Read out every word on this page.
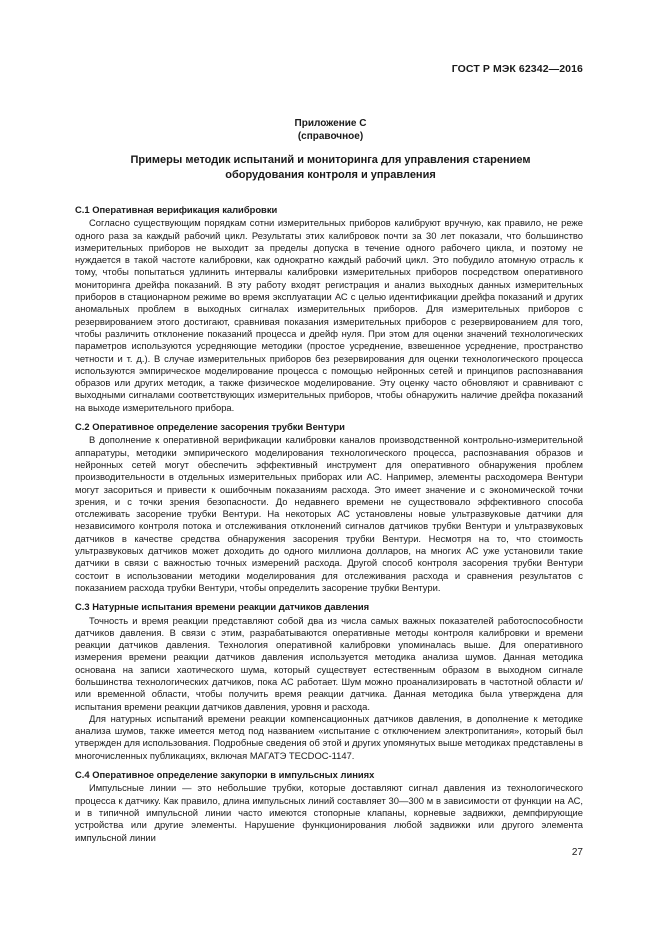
ГОСТ Р МЭК 62342—2016
Приложение С
(справочное)
Примеры методик испытаний и мониторинга для управления старением
оборудования контроля и управления
С.1 Оперативная верификация калибровки

Согласно существующим порядкам сотни измерительных приборов калибруют вручную, как правило, не реже одного раза за каждый рабочий цикл. Результаты этих калибровок почти за 30 лет показали, что большинство измерительных приборов не выходит за пределы допуска в течение одного рабочего цикла, и поэтому не нуждается в такой частоте калибровки, как однократно каждый рабочий цикл. Это побудило атомную отрасль к тому, чтобы попытаться удлинить интервалы калибровки измерительных приборов посредством оперативного мониторинга дрейфа показаний. В эту работу входят регистрация и анализ выходных данных измерительных приборов в стационарном режиме во время эксплуатации АС с целью идентификации дрейфа показаний и других аномальных проблем в выходных сигналах измерительных приборов. Для измерительных приборов с резервированием этого достигают, сравнивая показания измерительных приборов с резервированием для того, чтобы различить отклонение показаний процесса и дрейф нуля. При этом для оценки значений технологических параметров используются усредняющие методики (простое усреднение, взвешенное усреднение, пространство четности и т. д.). В случае измерительных приборов без резервирования для оценки технологического процесса используются эмпирическое моделирование процесса с помощью нейронных сетей и принципов распознавания образов или других методик, а также физическое моделирование. Эту оценку часто обновляют и сравнивают с выходными сигналами соответствующих измерительных приборов, чтобы обнаружить наличие дрейфа показаний на выходе измерительного прибора.

С.2 Оперативное определение засорения трубки Вентури

В дополнение к оперативной верификации калибровки каналов производственной контрольно-измерительной аппаратуры, методики эмпирического моделирования технологического процесса, распознавания образов и нейронных сетей могут обеспечить эффективный инструмент для оперативного обнаружения проблем производительности в отдельных измерительных приборах или АС. Например, элементы расходомера Вентури могут засориться и привести к ошибочным показаниям расхода. Это имеет значение и с экономической точки зрения, и с точки зрения безопасности. До недавнего времени не существовало эффективного способа отслеживать засорение трубки Вентури. На некоторых АС установлены новые ультразвуковые датчики для независимого контроля потока и отслеживания отклонений сигналов датчиков трубки Вентури и ультразвуковых датчиков в качестве средства обнаружения засорения трубки Вентури. Несмотря на то, что стоимость ультразвуковых датчиков может доходить до одного миллиона долларов, на многих АС уже установили такие датчики в связи с важностью точных измерений расхода. Другой способ контроля засорения трубки Вентури состоит в использовании методики моделирования для отслеживания расхода и сравнения результатов с показанием расхода трубки Вентури, чтобы определить засорение трубки Вентури.

С.3 Натурные испытания времени реакции датчиков давления

Точность и время реакции представляют собой два из числа самых важных показателей работоспособности датчиков давления. В связи с этим, разрабатываются оперативные методы контроля калибровки и времени реакции датчиков давления. Технология оперативной калибровки упоминалась выше. Для оперативного измерения времени реакции датчиков давления используется методика анализа шумов. Данная методика основана на записи хаотического шума, который существует естественным образом в выходном сигнале большинства технологических датчиков, пока АС работает. Шум можно проанализировать в частотной области и/или временной области, чтобы получить время реакции датчика. Данная методика была утверждена для испытания времени реакции датчиков давления, уровня и расхода.

Для натурных испытаний времени реакции компенсационных датчиков давления, в дополнение к методике анализа шумов, также имеется метод под названием «испытание с отключением электропитания», который был утвержден для использования. Подробные сведения об этой и других упомянутых выше методиках представлены в многочисленных публикациях, включая МАГАТЭ TECDOC-1147.

С.4 Оперативное определение закупорки в импульсных линиях

Импульсные линии — это небольшие трубки, которые доставляют сигнал давления из технологического процесса к датчику. Как правило, длина импульсных линий составляет 30—300 м в зависимости от функции на АС, и в типичной импульсной линии часто имеются стопорные клапаны, корневые задвижки, демпфирующие устройства или другие элементы. Нарушение функционирования любой задвижки или другого элемента импульсной линии

27
